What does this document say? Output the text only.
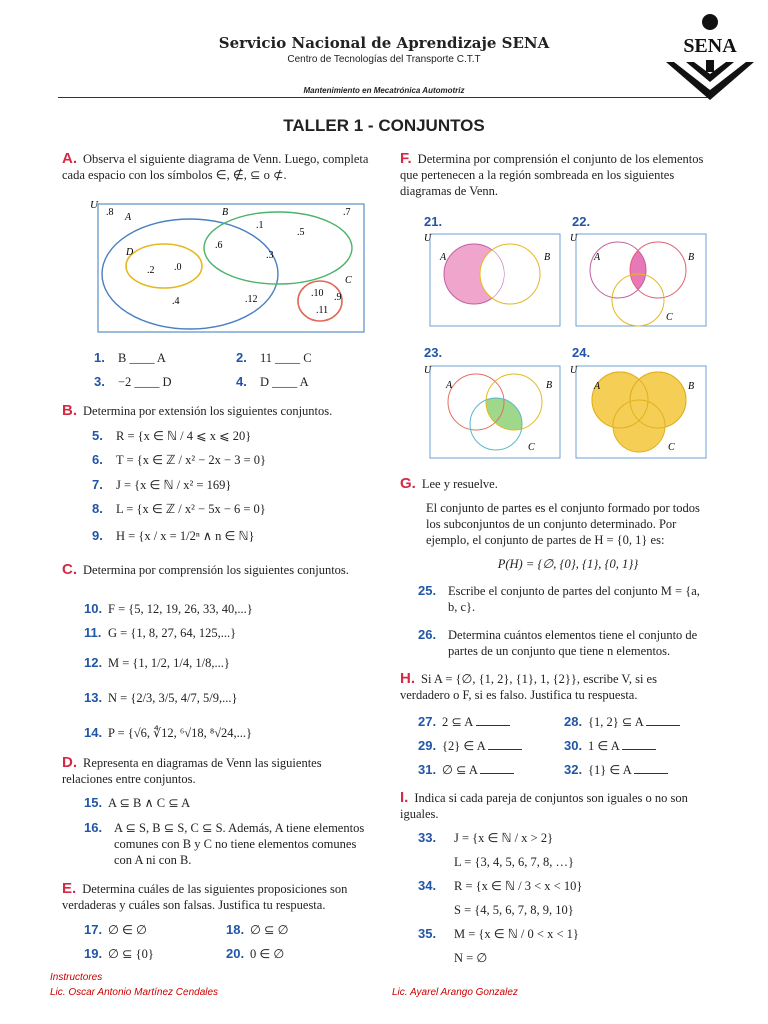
Servicio Nacional de Aprendizaje SENA
Centro de Tecnologías del Transporte C.T.T
Mantenimiento en Mecatrónica Automotriz
SENA
TALLER 1 - CONJUNTOS
A. Observa el siguiente diagrama de Venn. Luego, completa cada espacio con los símbolos ∈, ∉, ⊆ o ⊄.
U
.8 A	B	.7
.1
.5
.6
.3
D
.2 .0
C
.4	.12
.10 .9
.11
1. B ____ A	2. 11 ____ C
3. −2 ____ D	4. D ____ A
B. Determina por extensión los siguientes conjuntos.
5. R = {x ∈ ℕ / 4 ⩽ x ⩽ 20}
6. T = {x ∈ ℤ / x² − 2x − 3 = 0}
7. J = {x ∈ ℕ / x² = 169}
8. L = {x ∈ ℤ / x² − 5x − 6 = 0}
9. H = {x / x = 1/2ⁿ ∧ n ∈ ℕ}
C. Determina por comprensión los siguientes conjuntos.
10. F = {5, 12, 19, 26, 33, 40,...}
11. G = {1, 8, 27, 64, 125,...}
12. M = {1, 1/2, 1/4, 1/8,...}
13. N = {2/3, 3/5, 4/7, 5/9,...}
14. P = {√6, ∜12, ⁶√18, ⁸√24,...}
D. Representa en diagramas de Venn las siguientes relaciones entre conjuntos.
15. A ⊆ B ∧ C ⊆ A
16. A ⊆ S, B ⊆ S, C ⊆ S. Además, A tiene elementos comunes con B y C no tiene elementos comunes con A ni con B.
E. Determina cuáles de las siguientes proposiciones son verdaderas y cuáles son falsas. Justifica tu respuesta.
17. ∅ ∈ ∅	18. ∅ ⊆ ∅
19. ∅ ⊆ {0}	20. 0 ∈ ∅
F. Determina por comprensión el conjunto de los elementos que pertenecen a la región sombreada en los siguientes diagramas de Venn.
21.	22.
23.	24.
U
A	B
U
A	B
C
U
A	B
C
U
A	B
C
G. Lee y resuelve.
El conjunto de partes es el conjunto formado por todos los subconjuntos de un conjunto determinado. Por ejemplo, el conjunto de partes de H = {0, 1} es:
P(H) = {∅, {0}, {1}, {0, 1}}
25. Escribe el conjunto de partes del conjunto M = {a, b, c}.
26. Determina cuántos elementos tiene el conjunto de partes de un conjunto que tiene n elementos.
H. Si A = {∅, {1, 2}, {1}, 1, {2}}, escribe V, si es verdadero o F, si es falso. Justifica tu respuesta.
27. 2 ⊆ A	28. {1, 2} ⊆ A
29. {2} ∈ A	30. 1 ∈ A
31. ∅ ⊆ A	32. {1} ∈ A
I. Indica si cada pareja de conjuntos son iguales o no son iguales.
33. J = {x ∈ ℕ / x > 2}
L = {3, 4, 5, 6, 7, 8, …}
34. R = {x ∈ ℕ / 3 < x < 10}
S = {4, 5, 6, 7, 8, 9, 10}
35. M = {x ∈ ℕ / 0 < x < 1}
N = ∅
Instructores
Lic. Oscar Antonio Martínez Cendales	Lic. Ayarel Arango Gonzalez
